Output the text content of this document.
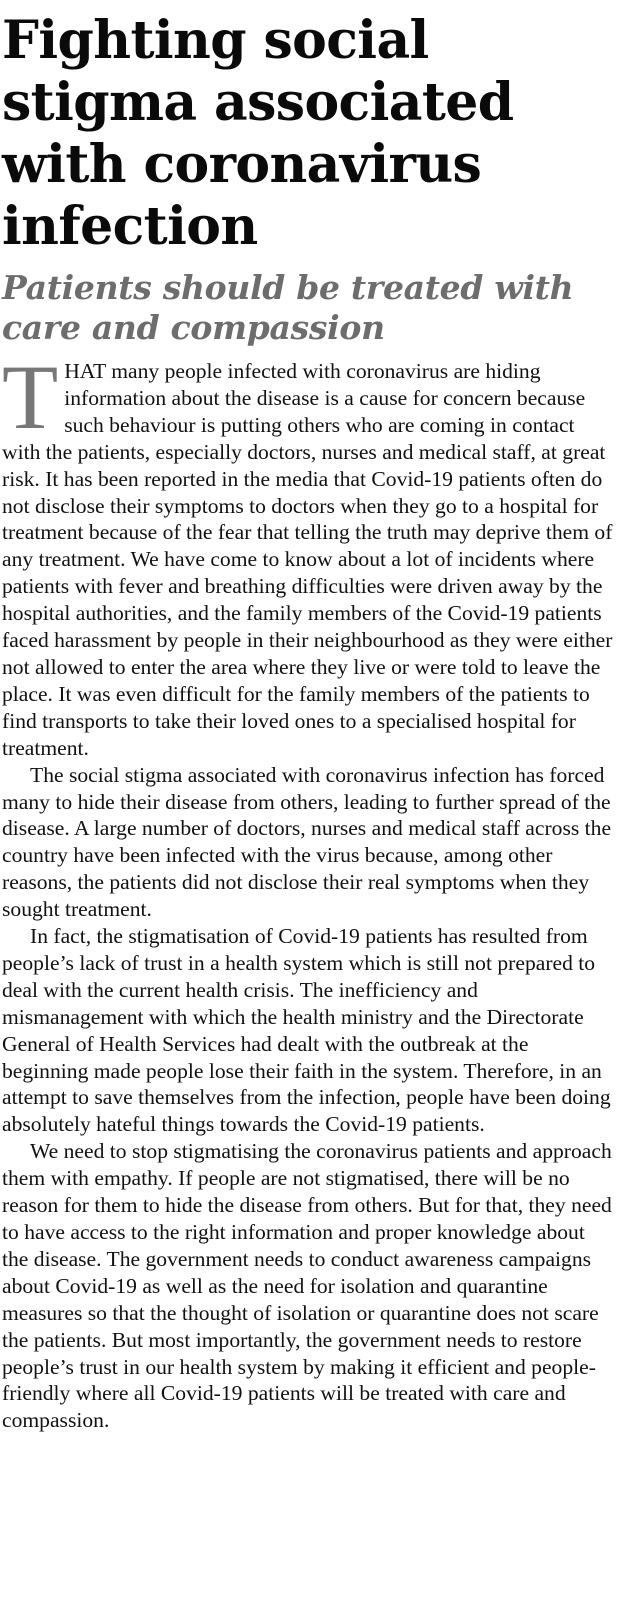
Fighting social stigma associated with coronavirus infection
Patients should be treated with care and compassion

THAT many people infected with coronavirus are hiding information about the disease is a cause for concern because such behaviour is putting others who are coming in contact with the patients, especially doctors, nurses and medical staff, at great risk. It has been reported in the media that Covid-19 patients often do not disclose their symptoms to doctors when they go to a hospital for treatment because of the fear that telling the truth may deprive them of any treatment. We have come to know about a lot of incidents where patients with fever and breathing difficulties were driven away by the hospital authorities, and the family members of the Covid-19 patients faced harassment by people in their neighbourhood as they were either not allowed to enter the area where they live or were told to leave the place. It was even difficult for the family members of the patients to find transports to take their loved ones to a specialised hospital for treatment.

The social stigma associated with coronavirus infection has forced many to hide their disease from others, leading to further spread of the disease. A large number of doctors, nurses and medical staff across the country have been infected with the virus because, among other reasons, the patients did not disclose their real symptoms when they sought treatment.

In fact, the stigmatisation of Covid-19 patients has resulted from people’s lack of trust in a health system which is still not prepared to deal with the current health crisis. The inefficiency and mismanagement with which the health ministry and the Directorate General of Health Services had dealt with the outbreak at the beginning made people lose their faith in the system. Therefore, in an attempt to save themselves from the infection, people have been doing absolutely hateful things towards the Covid-19 patients.

We need to stop stigmatising the coronavirus patients and approach them with empathy. If people are not stigmatised, there will be no reason for them to hide the disease from others. But for that, they need to have access to the right information and proper knowledge about the disease. The government needs to conduct awareness campaigns about Covid-19 as well as the need for isolation and quarantine measures so that the thought of isolation or quarantine does not scare the patients. But most importantly, the government needs to restore people’s trust in our health system by making it efficient and people-friendly where all Covid-19 patients will be treated with care and compassion.
